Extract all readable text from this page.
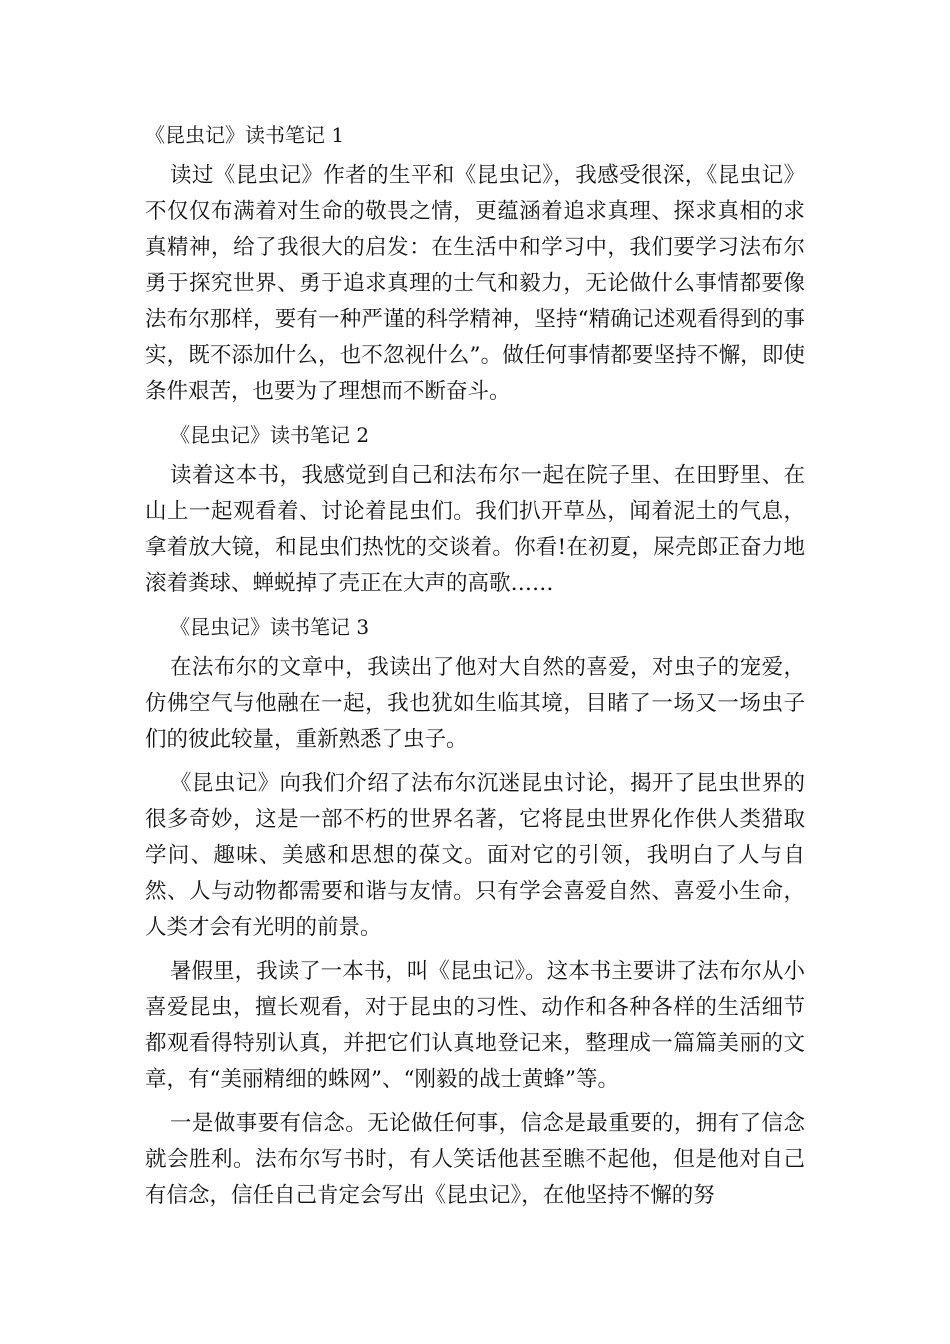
《昆虫记》读书笔记 1

读过《昆虫记》作者的生平和《昆虫记》，我感受很深，《昆虫记》不仅仅布满着对生命的敬畏之情，更蕴涵着追求真理、探求真相的求真精神，给了我很大的启发：在生活中和学习中，我们要学习法布尔勇于探究世界、勇于追求真理的士气和毅力，无论做什么事情都要像法布尔那样，要有一种严谨的科学精神，坚持“精确记述观看得到的事实，既不添加什么，也不忽视什么”。做任何事情都要坚持不懈，即使条件艰苦，也要为了理想而不断奋斗。

《昆虫记》读书笔记 2

读着这本书，我感觉到自己和法布尔一起在院子里、在田野里、在山上一起观看着、讨论着昆虫们。我们扒开草丛，闻着泥土的气息，拿着放大镜，和昆虫们热忱的交谈着。你看!在初夏，屎壳郎正奋力地滚着粪球、蝉蜕掉了壳正在大声的高歌……

《昆虫记》读书笔记 3

在法布尔的文章中，我读出了他对大自然的喜爱，对虫子的宠爱，仿佛空气与他融在一起，我也犹如生临其境，目睹了一场又一场虫子们的彼此较量，重新熟悉了虫子。

《昆虫记》向我们介绍了法布尔沉迷昆虫讨论，揭开了昆虫世界的很多奇妙，这是一部不朽的世界名著，它将昆虫世界化作供人类猎取学问、趣味、美感和思想的葆文。面对它的引领，我明白了人与自然、人与动物都需要和谐与友情。只有学会喜爱自然、喜爱小生命，人类才会有光明的前景。

暑假里，我读了一本书，叫《昆虫记》。这本书主要讲了法布尔从小喜爱昆虫，擅长观看，对于昆虫的习性、动作和各种各样的生活细节都观看得特别认真，并把它们认真地登记来，整理成一篇篇美丽的文章，有“美丽精细的蛛网”、“刚毅的战士黄蜂”等。

一是做事要有信念。无论做任何事，信念是最重要的，拥有了信念就会胜利。法布尔写书时，有人笑话他甚至瞧不起他，但是他对自己有信念，信任自己肯定会写出《昆虫记》，在他坚持不懈的努
